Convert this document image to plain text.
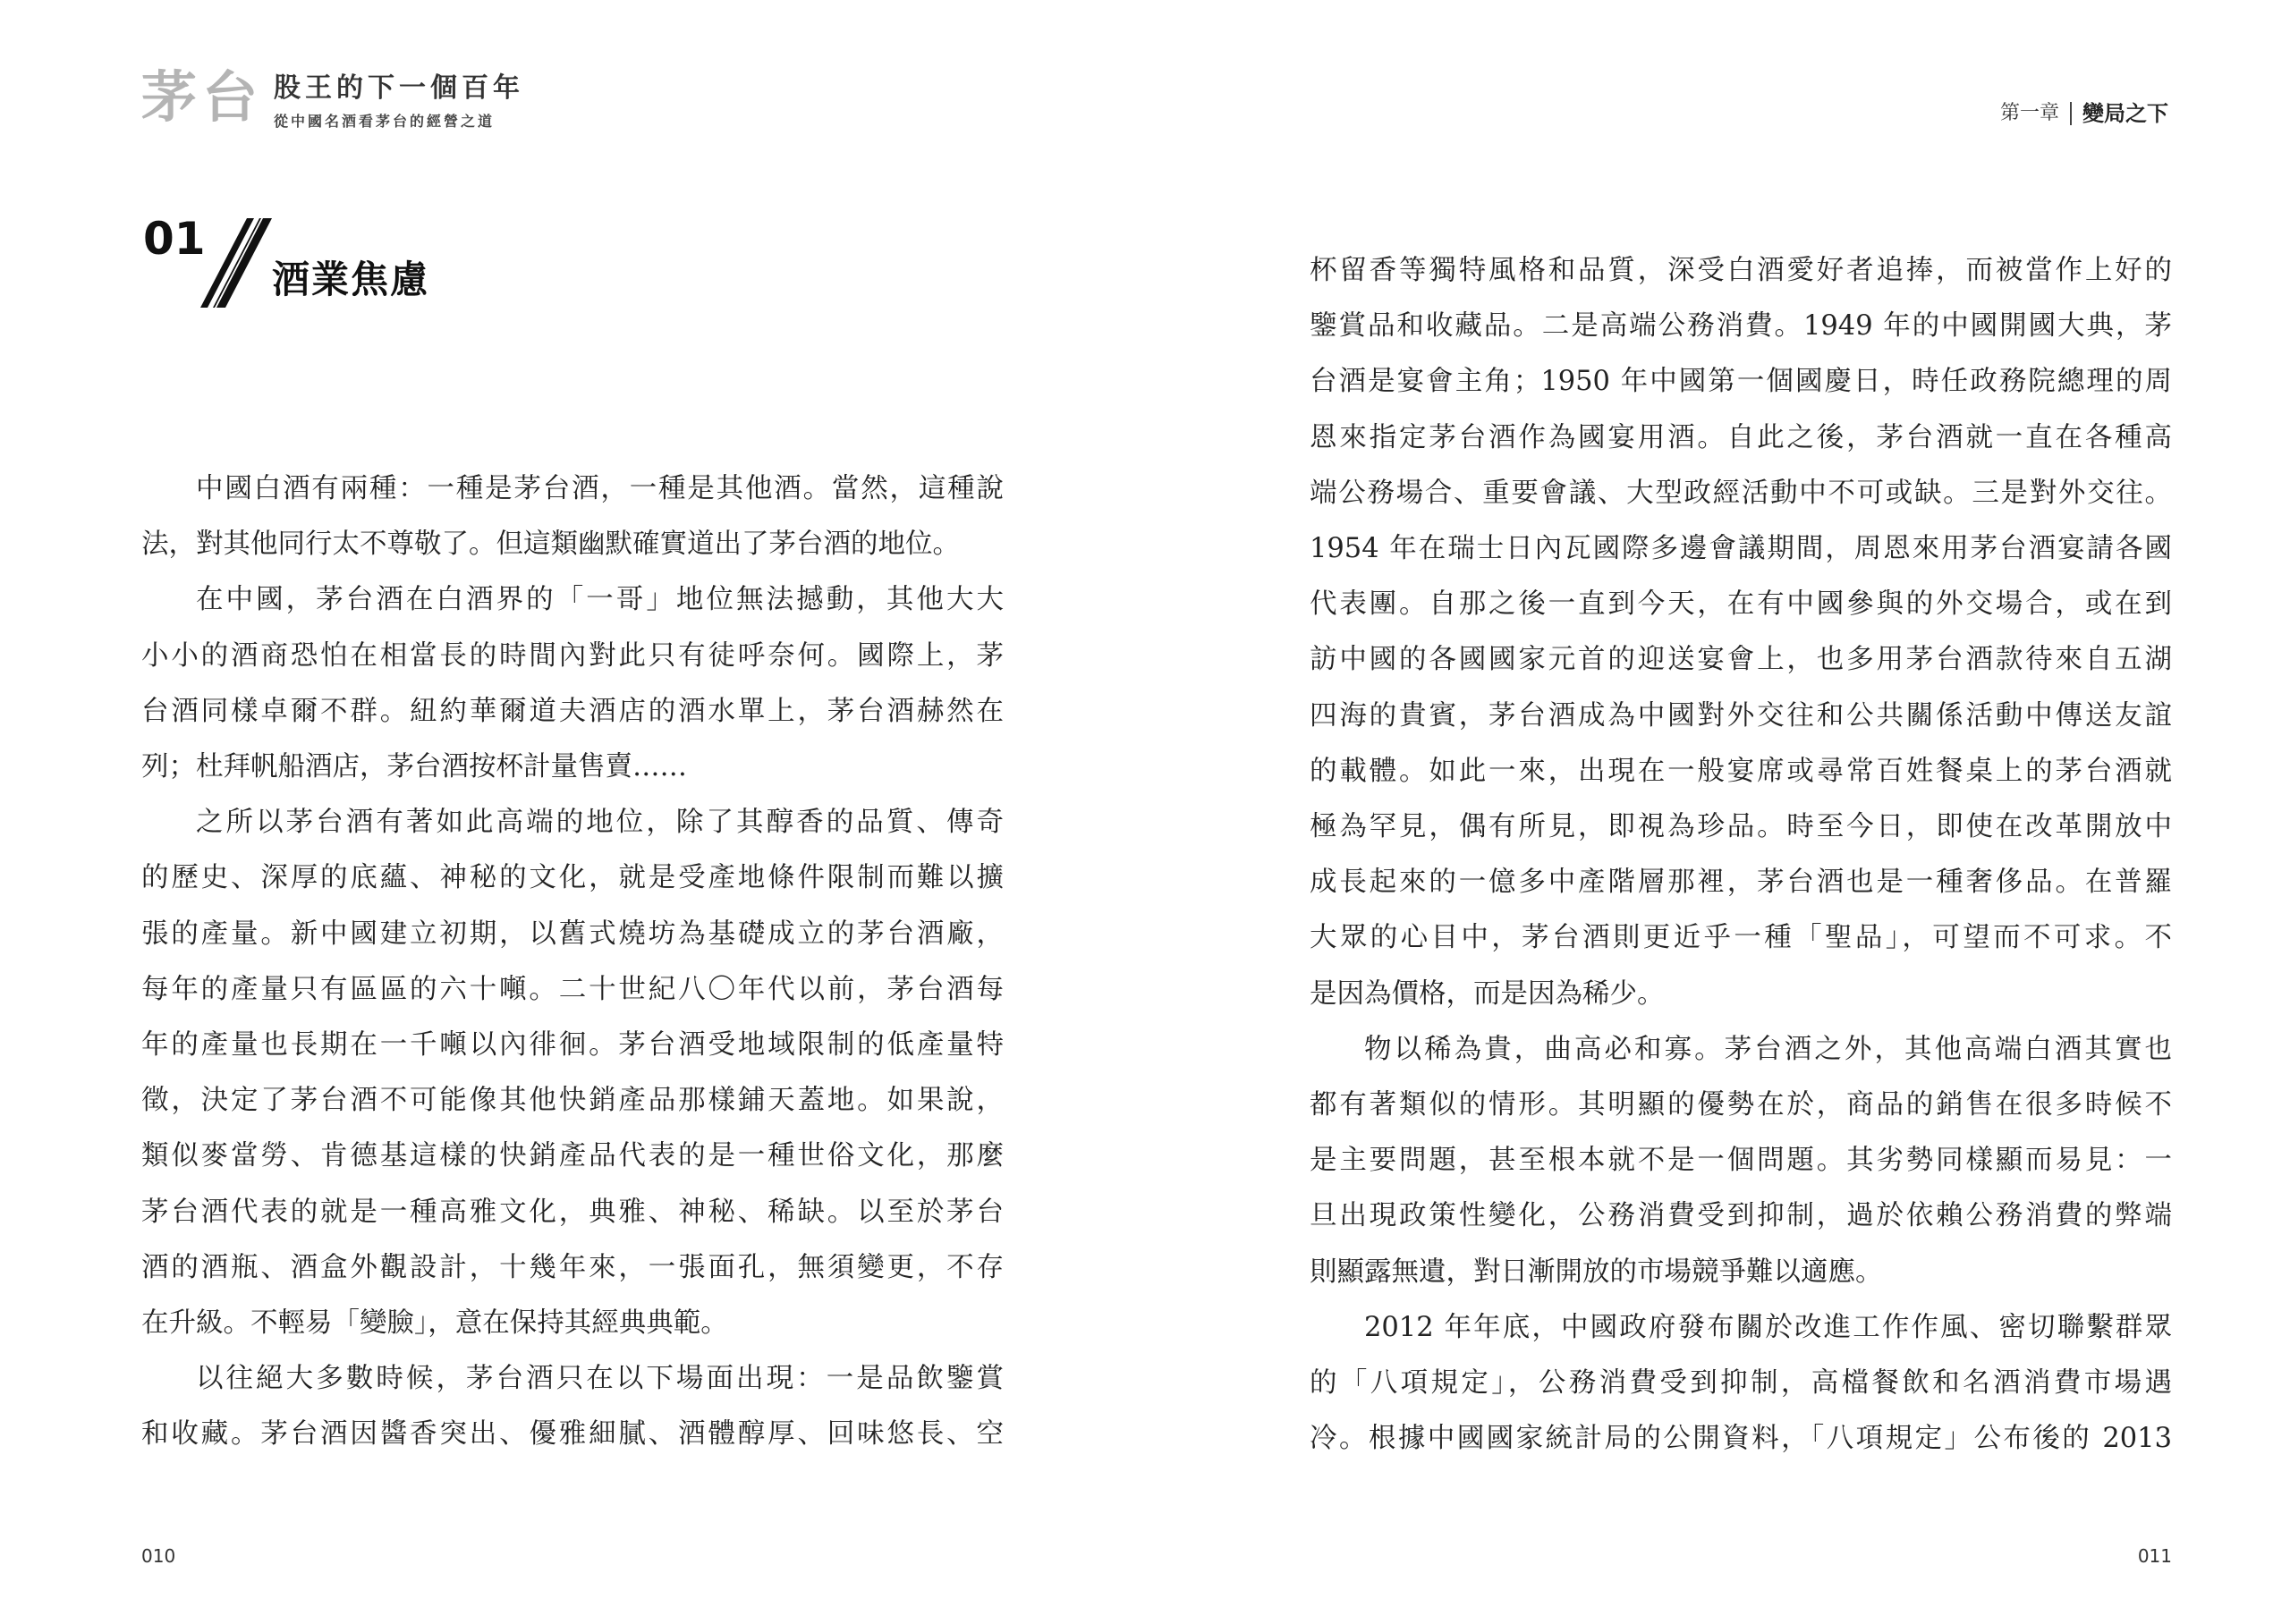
茅台 股王的下一個百年
從中國名酒看茅台的經營之道
01
酒業焦慮

中國白酒有兩種：一種是茅台酒，一種是其他酒。當然，這種說

法，對其他同行太不尊敬了。但這類幽默確實道出了茅台酒的地位。

在中國，茅台酒在白酒界的「一哥」地位無法撼動，其他大大

小小的酒商恐怕在相當長的時間內對此只有徒呼奈何。國際上，茅

台酒同樣卓爾不群。紐約華爾道夫酒店的酒水單上，茅台酒赫然在

列；杜拜帆船酒店，茅台酒按杯計量售賣……

之所以茅台酒有著如此高端的地位，除了其醇香的品質、傳奇

的歷史、深厚的底蘊、神秘的文化，就是受產地條件限制而難以擴

張的產量。新中國建立初期，以舊式燒坊為基礎成立的茅台酒廠，

每年的產量只有區區的六十噸。二十世紀八〇年代以前，茅台酒每

年的產量也長期在一千噸以內徘徊。茅台酒受地域限制的低產量特

徵，決定了茅台酒不可能像其他快銷產品那樣鋪天蓋地。如果說，

類似麥當勞、肯德基這樣的快銷產品代表的是一種世俗文化，那麼

茅台酒代表的就是一種高雅文化，典雅、神秘、稀缺。以至於茅台

酒的酒瓶、酒盒外觀設計，十幾年來，一張面孔，無須變更，不存

在升級。不輕易「變臉」，意在保持其經典典範。

以往絕大多數時候，茅台酒只在以下場面出現：一是品飲鑒賞

和收藏。茅台酒因醬香突出、優雅細膩、酒體醇厚、回味悠長、空

010
第一章 變局之下

杯留香等獨特風格和品質，深受白酒愛好者追捧，而被當作上好的

鑒賞品和收藏品。二是高端公務消費。1949 年的中國開國大典，茅

台酒是宴會主角；1950 年中國第一個國慶日，時任政務院總理的周

恩來指定茅台酒作為國宴用酒。自此之後，茅台酒就一直在各種高

端公務場合、重要會議、大型政經活動中不可或缺。三是對外交往。

1954 年在瑞士日內瓦國際多邊會議期間，周恩來用茅台酒宴請各國

代表團。自那之後一直到今天，在有中國參與的外交場合，或在到

訪中國的各國國家元首的迎送宴會上，也多用茅台酒款待來自五湖

四海的貴賓，茅台酒成為中國對外交往和公共關係活動中傳送友誼

的載體。如此一來，出現在一般宴席或尋常百姓餐桌上的茅台酒就

極為罕見，偶有所見，即視為珍品。時至今日，即使在改革開放中

成長起來的一億多中產階層那裡，茅台酒也是一種奢侈品。在普羅

大眾的心目中，茅台酒則更近乎一種「聖品」，可望而不可求。不

是因為價格，而是因為稀少。

物以稀為貴，曲高必和寡。茅台酒之外，其他高端白酒其實也

都有著類似的情形。其明顯的優勢在於，商品的銷售在很多時候不

是主要問題，甚至根本就不是一個問題。其劣勢同樣顯而易見：一

旦出現政策性變化，公務消費受到抑制，過於依賴公務消費的弊端

則顯露無遺，對日漸開放的市場競爭難以適應。

2012 年年底，中國政府發布關於改進工作作風、密切聯繫群眾

的「八項規定」，公務消費受到抑制，高檔餐飲和名酒消費市場遇

冷。根據中國國家統計局的公開資料，「八項規定」公布後的 2013

011
